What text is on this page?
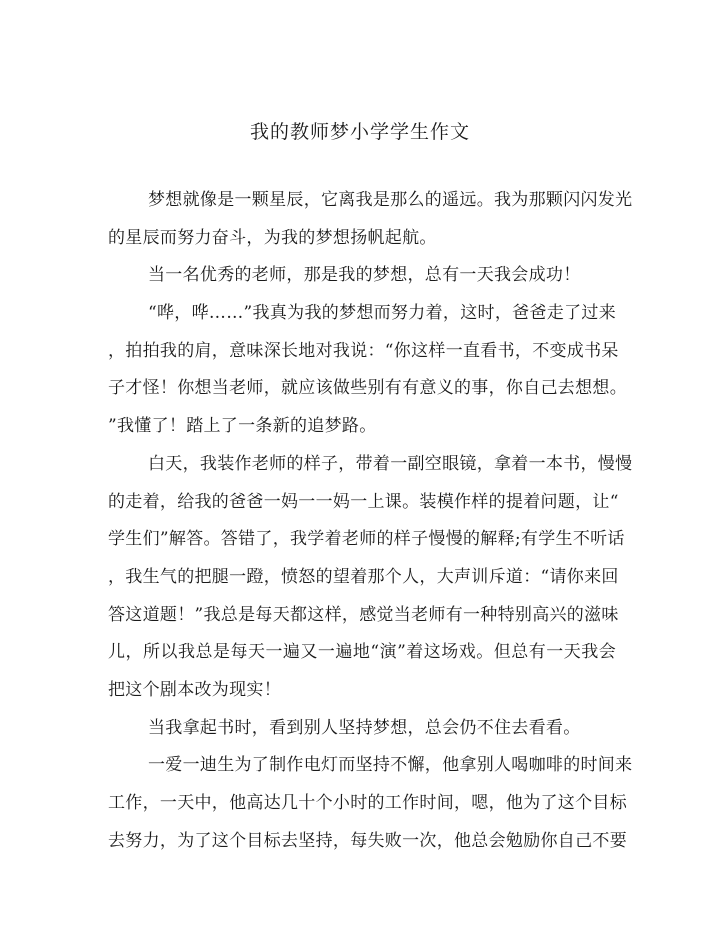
我的教师梦小学学生作文
梦想就像是一颗星辰，它离我是那么的遥远。我为那颗闪闪发光
的星辰而努力奋斗，为我的梦想扬帆起航。
当一名优秀的老师，那是我的梦想，总有一天我会成功！
“哗，哗……”我真为我的梦想而努力着，这时，爸爸走了过来
，拍拍我的肩，意味深长地对我说：“你这样一直看书，不变成书呆
子才怪！你想当老师，就应该做些别有有意义的事，你自己去想想。
”我懂了！踏上了一条新的追梦路。
白天，我装作老师的样子，带着一副空眼镜，拿着一本书，慢慢
的走着，给我的爸爸一妈一一妈一上课。装模作样的提着问题，让“
学生们”解答。答错了，我学着老师的样子慢慢的解释;有学生不听话
，我生气的把腿一蹬，愤怒的望着那个人，大声训斥道：“请你来回
答这道题！”我总是每天都这样，感觉当老师有一种特别高兴的滋味
儿，所以我总是每天一遍又一遍地“演”着这场戏。但总有一天我会
把这个剧本改为现实！
当我拿起书时，看到别人坚持梦想，总会仍不住去看看。
一爱一迪生为了制作电灯而坚持不懈，他拿别人喝咖啡的时间来
工作，一天中，他高达几十个小时的工作时间，嗯，他为了这个目标
去努力，为了这个目标去坚持，每失败一次，他总会勉励你自己不要
